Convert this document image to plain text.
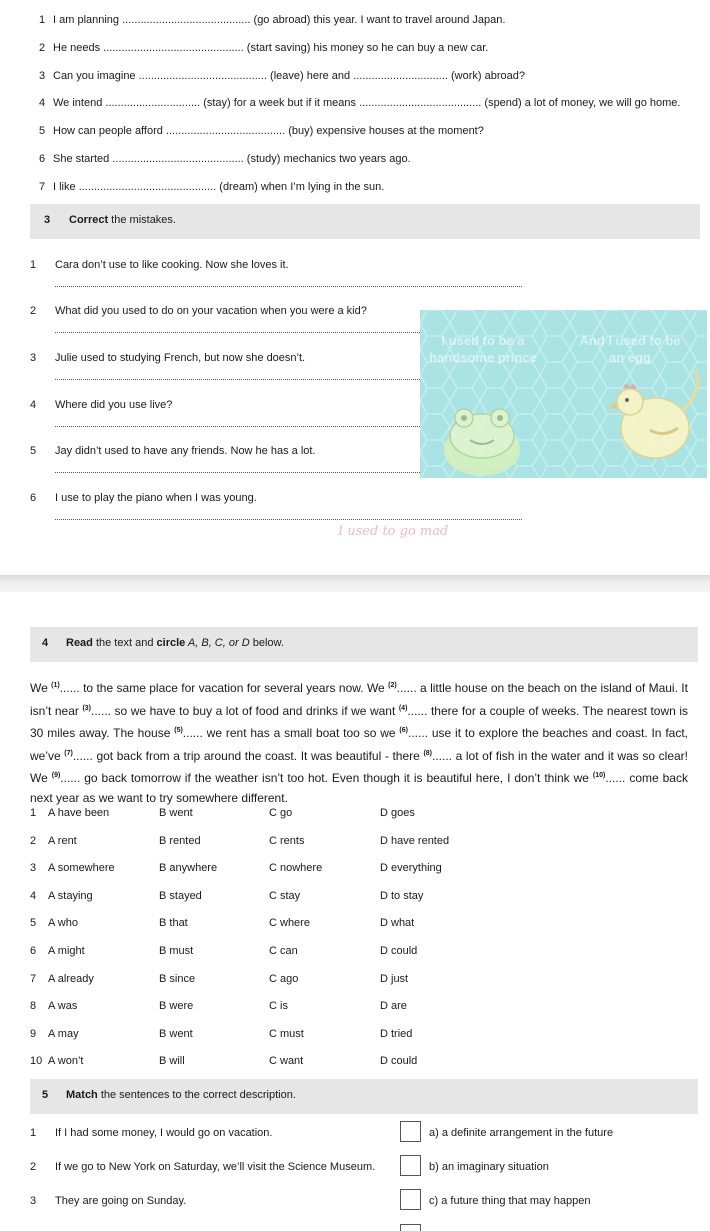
1 I am planning .......................................... (go abroad) this year. I want to travel around Japan.
2 He needs .............................................. (start saving) his money so he can buy a new car.
3 Can you imagine .......................................... (leave) here and ............................... (work) abroad?
4 We intend ............................... (stay) for a week but if it means ........................................ (spend) a lot of money, we will go home.
5 How can people afford ....................................... (buy) expensive houses at the moment?
6 She started ........................................... (study) mechanics two years ago.
7 I like ............................................. (dream) when I’m lying in the sun.
3 Correct the mistakes.
1 Cara don’t use to like cooking. Now she loves it.
2 What did you used to do on your vacation when you were a kid?
3 Julie used to studying French, but now she doesn’t.
4 Where did you use live?
5 Jay didn’t used to have any friends. Now he has a lot.
6 I use to play the piano when I was young.
I used to be a handsome prince
And I used to be an egg
I used to go mad
4 Read the text and circle A, B, C, or D below.
We $^{(1)}$...... to the same place for vacation for several years now. We $^{(2)}$...... a little house on the beach on the island of Maui. It isn’t near $^{(3)}$...... so we have to buy a lot of food and drinks if we want $^{(4)}$...... there for a couple of weeks. The nearest town is 30 miles away. The house $^{(5)}$...... we rent has a small boat too so we $^{(6)}$...... use it to explore the beaches and coast. In fact, we’ve $^{(7)}$...... got back from a trip around the coast. It was beautiful - there $^{(8)}$...... a lot of fish in the water and it was so clear! We $^{(9)}$...... go back tomorrow if the weather isn’t too hot. Even though it is beautiful here, I don’t think we $^{(10)}$...... come back next year as we want to try somewhere different.
1 A have been	B went	C go	D goes
2 A rent	B rented	C rents	D have rented
3 A somewhere	B anywhere	C nowhere	D everything
4 A staying	B stayed	C stay	D to stay
5 A who	B that	C where	D what
6 A might	B must	C can	D could
7 A already	B since	C ago	D just
8 A was	B were	C is	D are
9 A may	B went	C must	D tried
10 A won’t	B will	C want	D could
5 Match the sentences to the correct description.
1 If I had some money, I would go on vacation.	a) a definite arrangement in the future
2 If we go to New York on Saturday, we’ll visit the Science Museum.	b) an imaginary situation
3 They are going on Sunday.	c) a future thing that may happen
